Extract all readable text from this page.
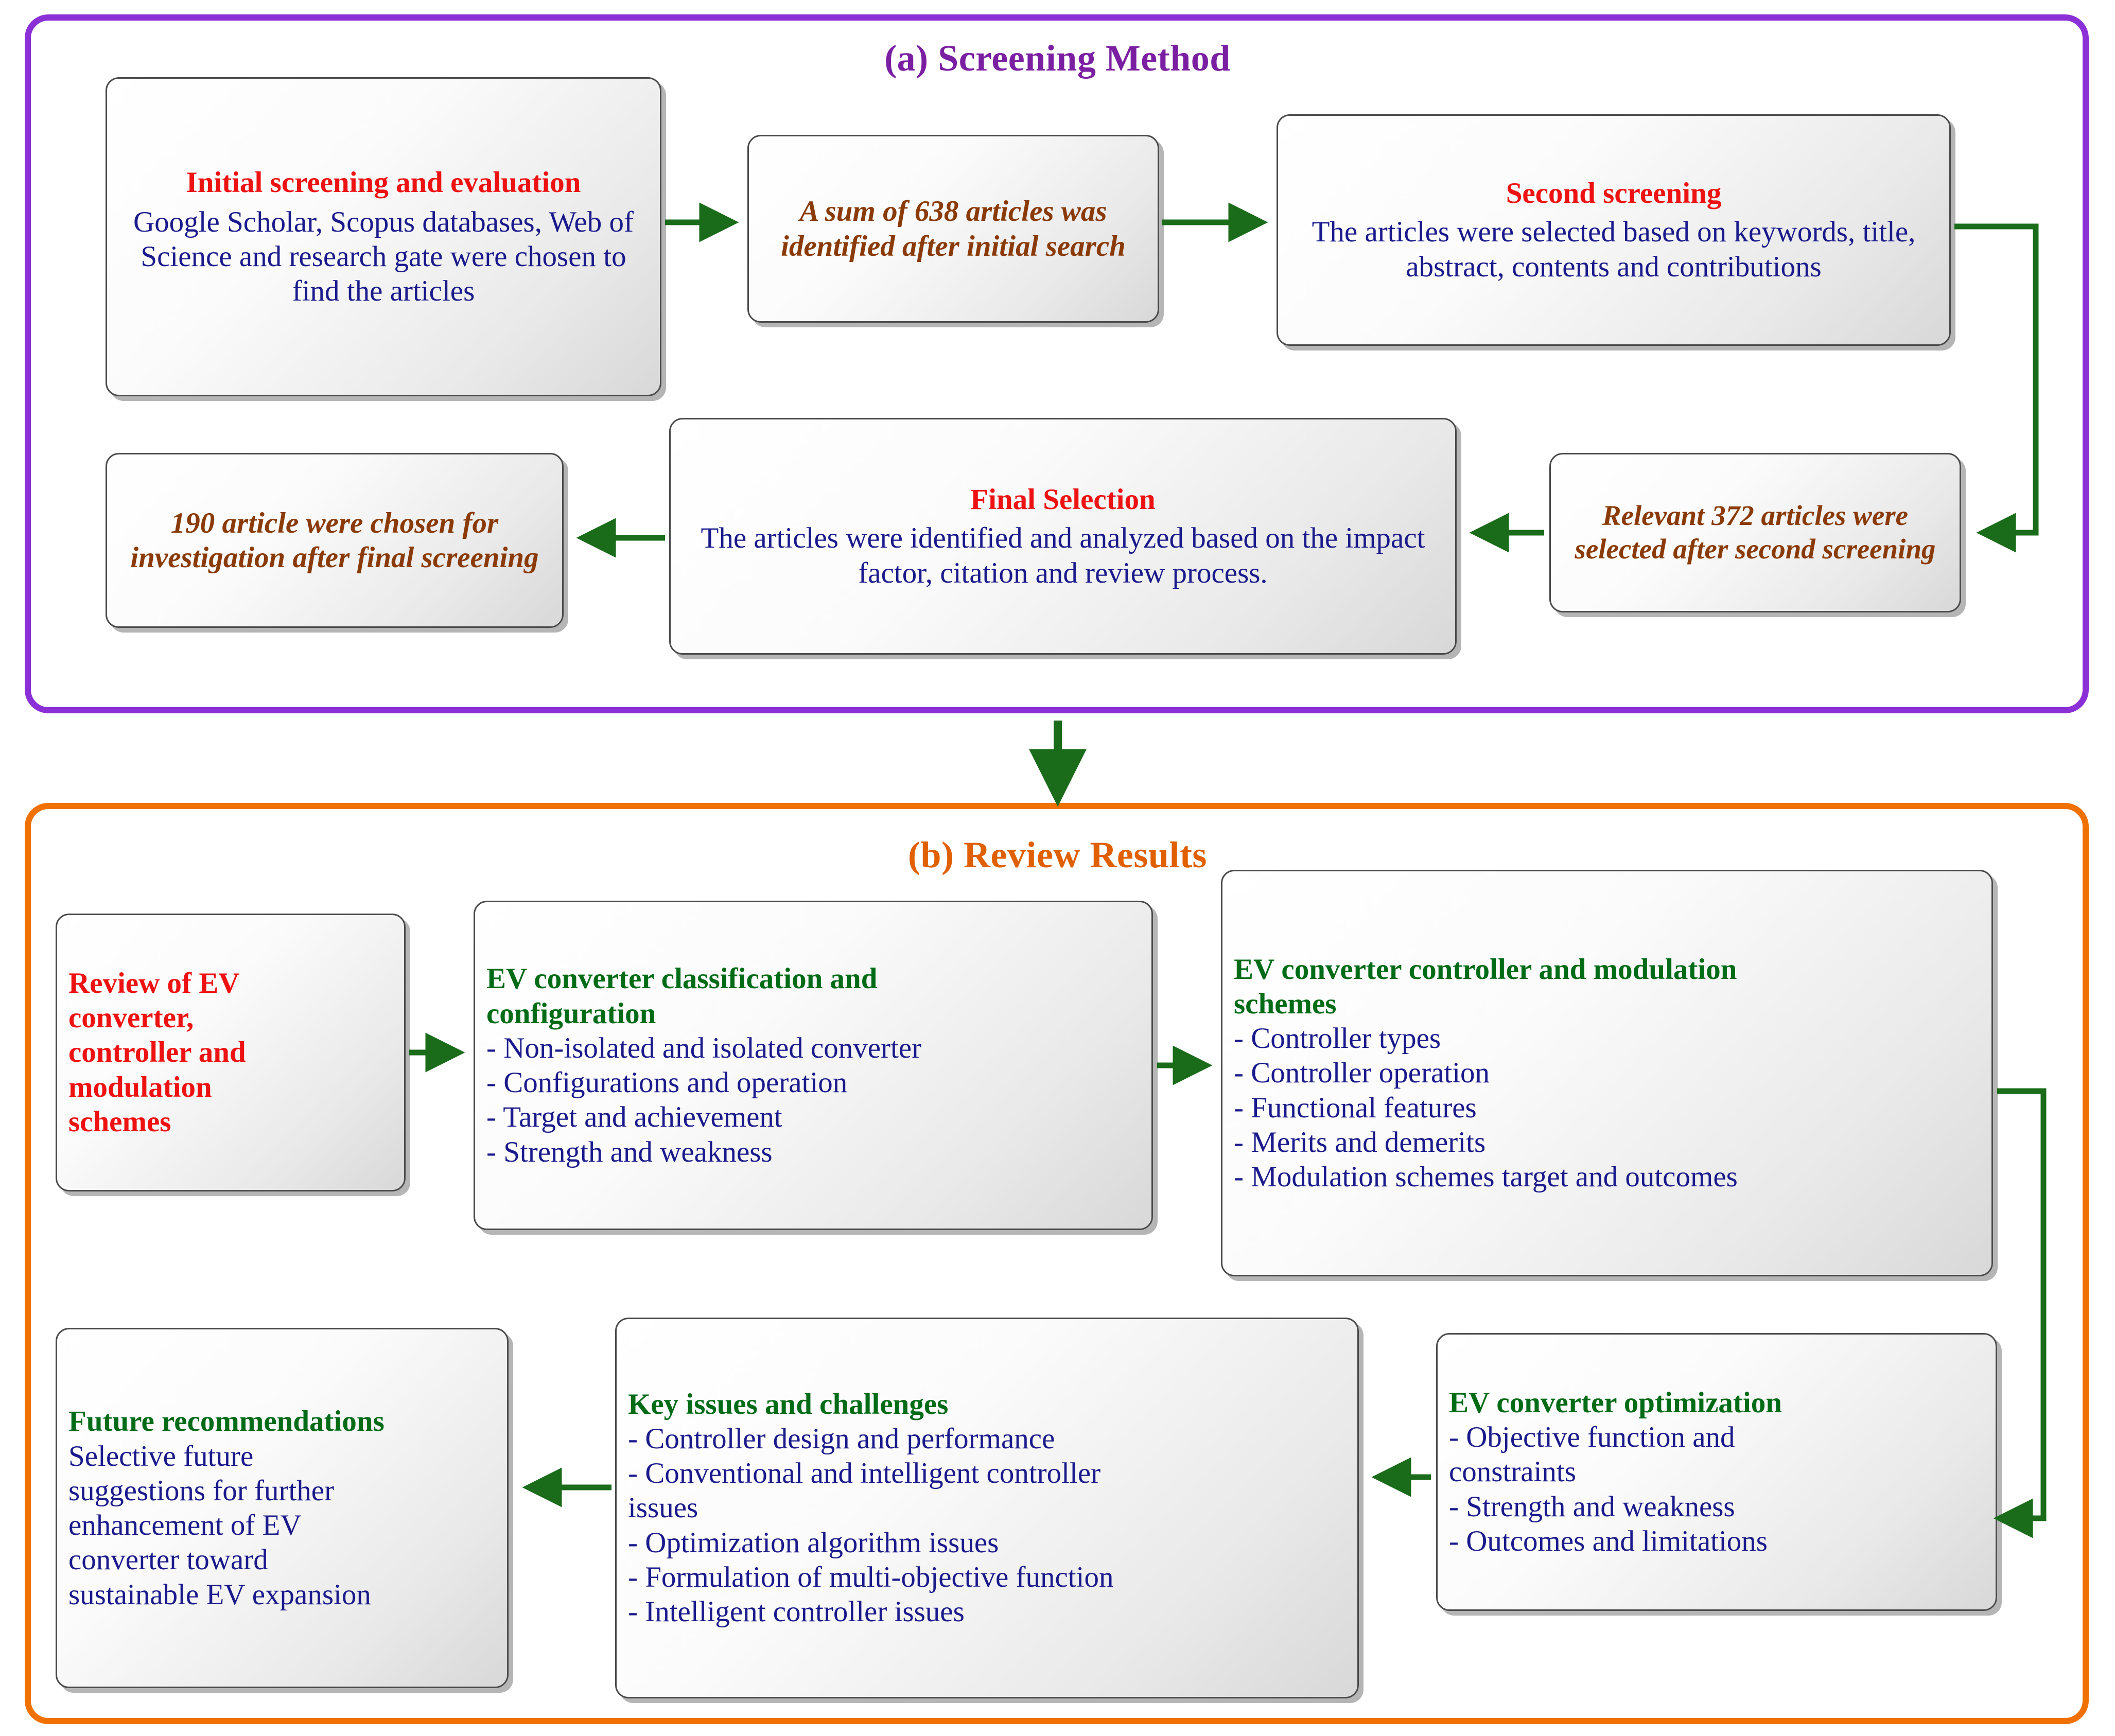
(a) Screening Method
Initial screening and evaluation
Google Scholar, Scopus databases, Web of Science and research gate were chosen to find the articles
A sum of 638 articles was identified after initial search
Second screening
The articles were selected based on keywords, title, abstract, contents and contributions
Relevant 372 articles were selected after second screening
Final Selection
The articles were identified and analyzed based on the impact factor, citation and review process.
190 article were chosen for investigation after final screening
(b) Review Results
Review of EV
converter,
controller and
modulation
schemes
EV converter classification and
configuration
- Non-isolated and isolated converter
- Configurations and operation
- Target and achievement
- Strength and weakness
EV converter controller and modulation
schemes
- Controller types
- Controller operation
- Functional features
- Merits and demerits
- Modulation schemes target and outcomes
EV converter optimization
- Objective function and
constraints
- Strength and weakness
- Outcomes and limitations
Key issues and challenges
- Controller design and performance
- Conventional and intelligent controller
issues
- Optimization algorithm issues
- Formulation of multi-objective function
- Intelligent controller issues
Future recommendations
Selective future
suggestions for further
enhancement of EV
converter toward
sustainable EV expansion
